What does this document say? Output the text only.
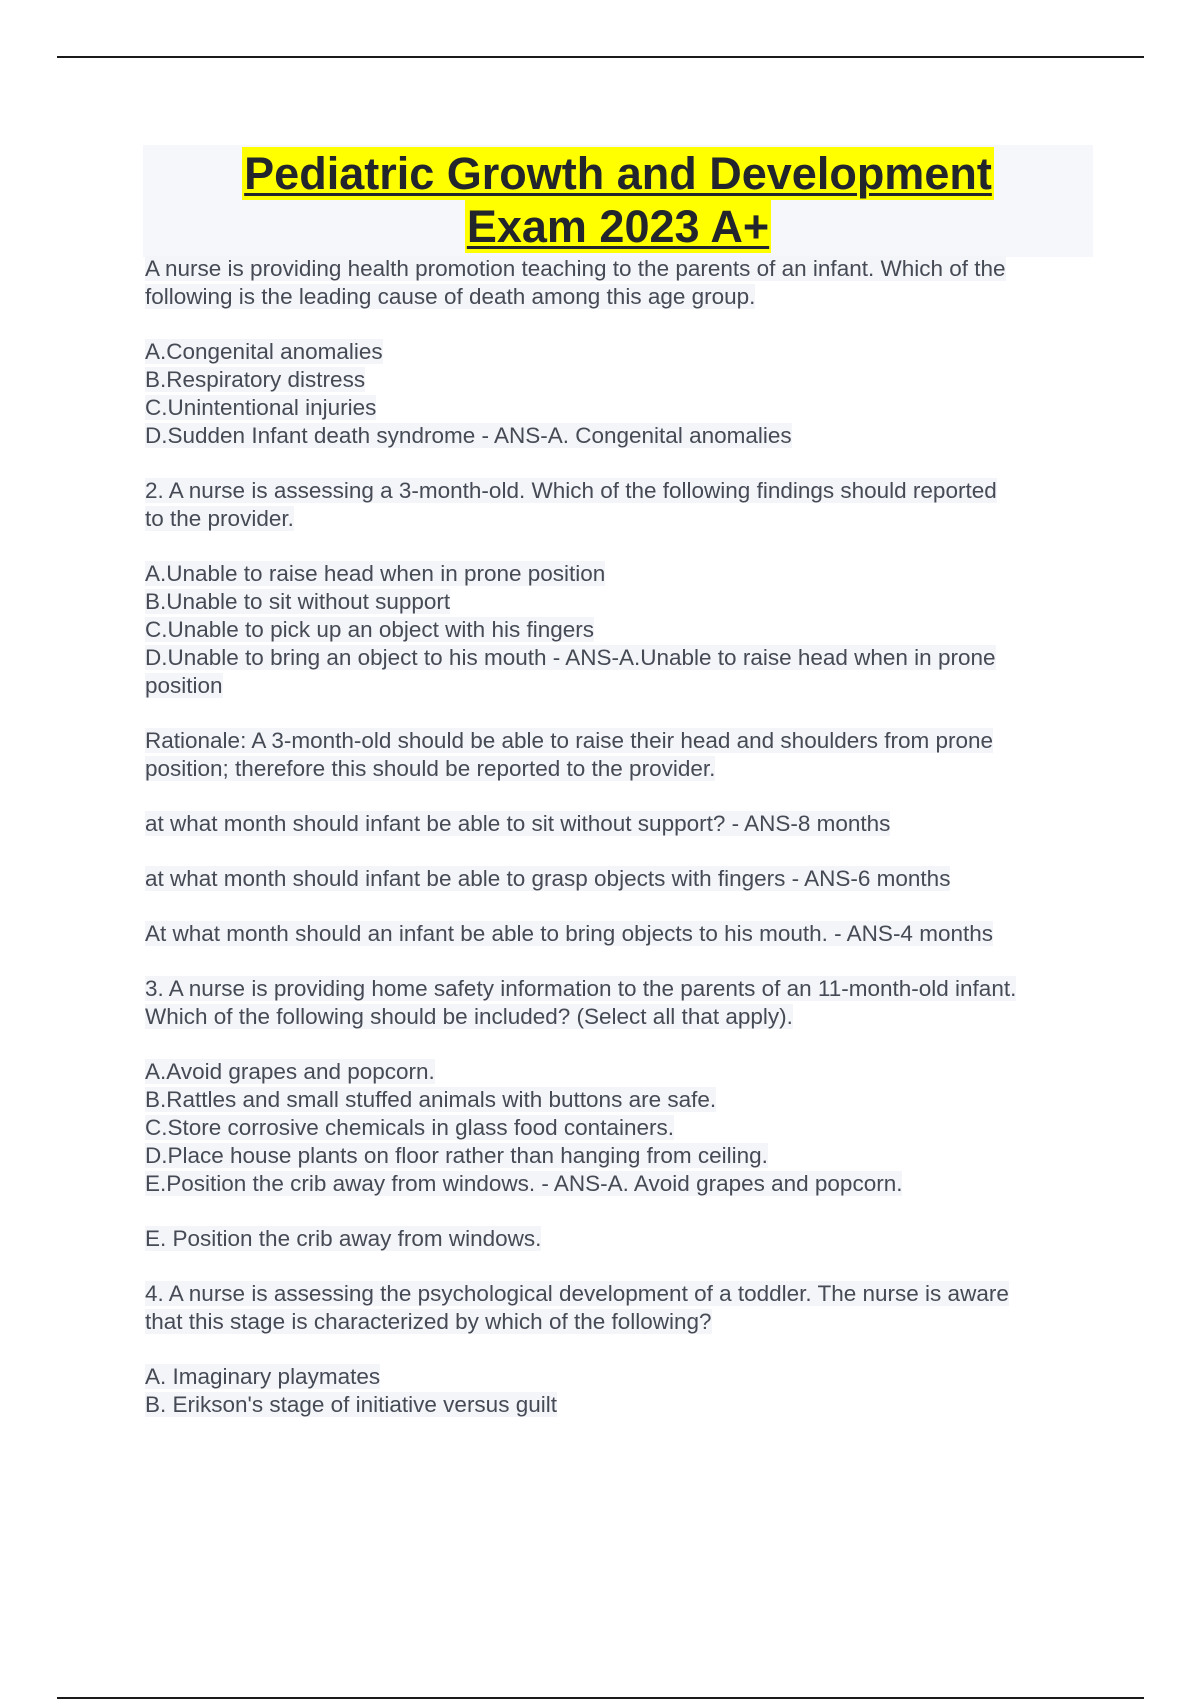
Pediatric Growth and Development
Exam 2023 A+
A nurse is providing health promotion teaching to the parents of an infant. Which of the
following is the leading cause of death among this age group.
A.Congenital anomalies
B.Respiratory distress
C.Unintentional injuries
D.Sudden Infant death syndrome - ANS-A. Congenital anomalies
2. A nurse is assessing a 3-month-old. Which of the following findings should reported
to the provider.
A.Unable to raise head when in prone position
B.Unable to sit without support
C.Unable to pick up an object with his fingers
D.Unable to bring an object to his mouth - ANS-A.Unable to raise head when in prone
position
Rationale: A 3-month-old should be able to raise their head and shoulders from prone
position; therefore this should be reported to the provider.
at what month should infant be able to sit without support? - ANS-8 months
at what month should infant be able to grasp objects with fingers - ANS-6 months
At what month should an infant be able to bring objects to his mouth. - ANS-4 months
3. A nurse is providing home safety information to the parents of an 11-month-old infant.
Which of the following should be included? (Select all that apply).
A.Avoid grapes and popcorn.
B.Rattles and small stuffed animals with buttons are safe.
C.Store corrosive chemicals in glass food containers.
D.Place house plants on floor rather than hanging from ceiling.
E.Position the crib away from windows. - ANS-A. Avoid grapes and popcorn.
E. Position the crib away from windows.
4. A nurse is assessing the psychological development of a toddler. The nurse is aware
that this stage is characterized by which of the following?
A. Imaginary playmates
B. Erikson's stage of initiative versus guilt
